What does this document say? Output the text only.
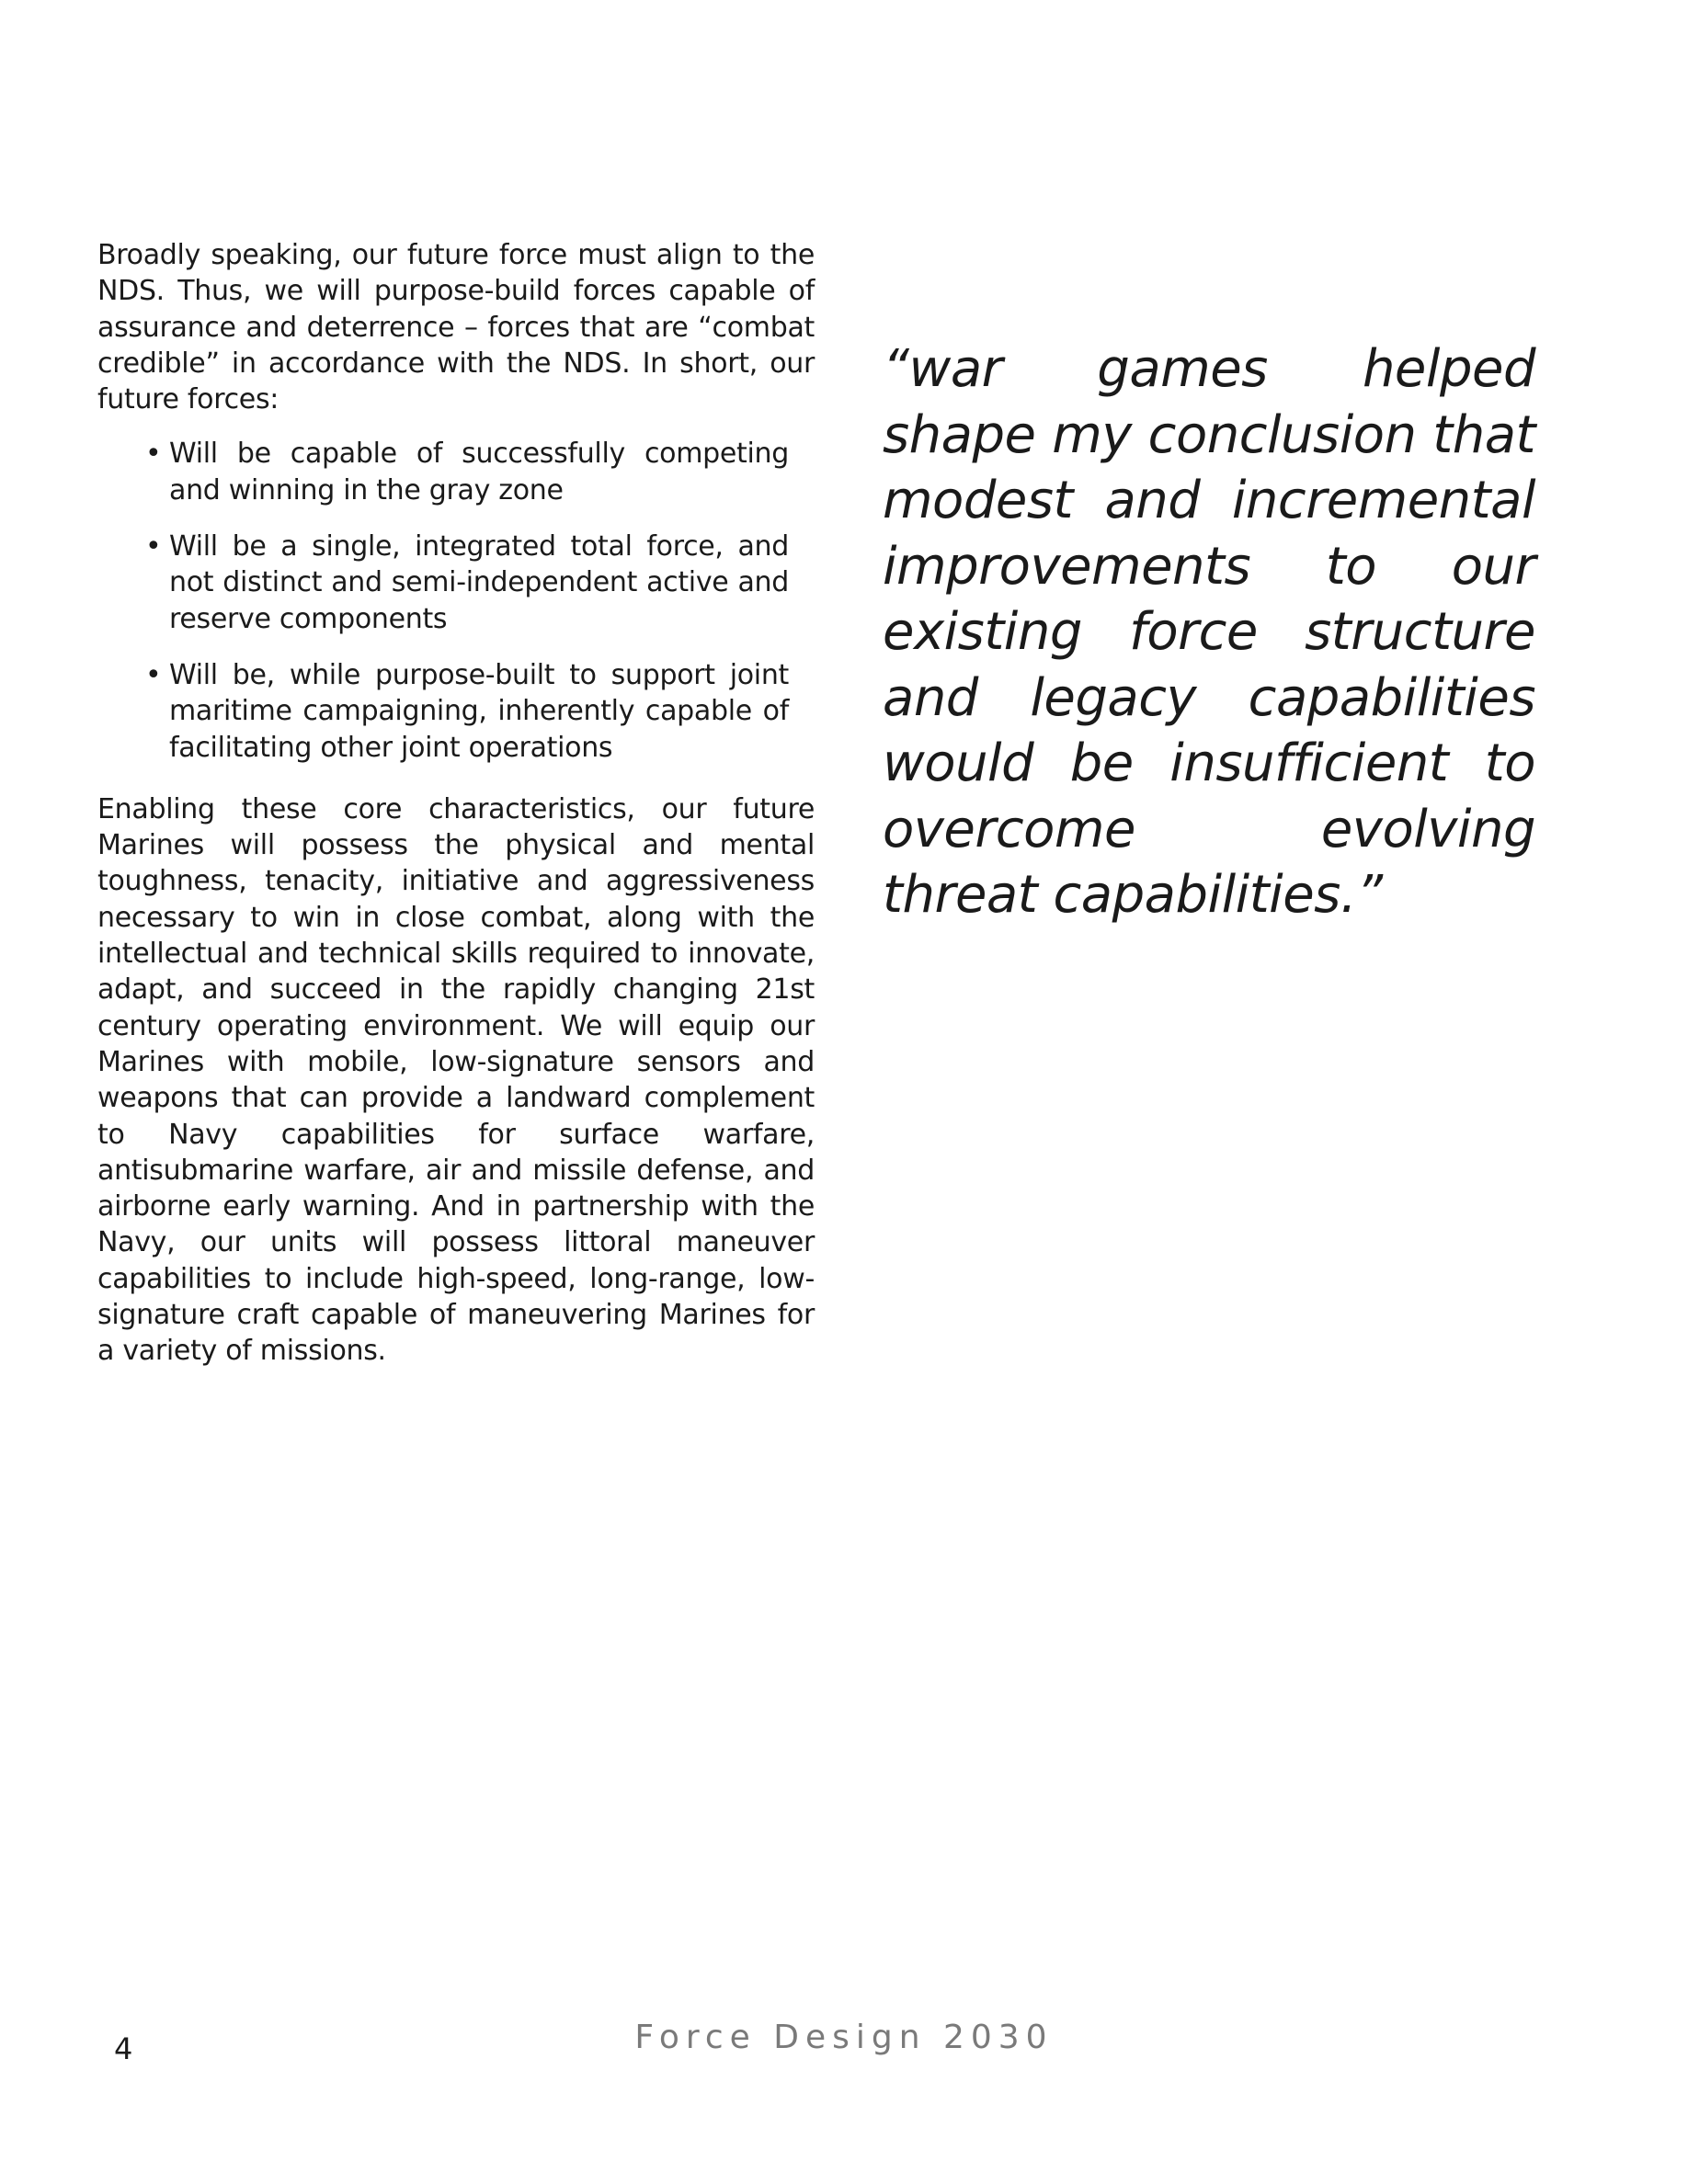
Broadly speaking, our future force must align to the NDS. Thus, we will purpose-build forces capable of assurance and deterrence – forces that are “combat credible” in accordance with the NDS. In short, our future forces:

• Will be capable of successfully competing and winning in the gray zone
• Will be a single, integrated total force, and not distinct and semi-independent active and reserve components
• Will be, while purpose-built to support joint maritime campaigning, inherently capable of facilitating other joint operations

Enabling these core characteristics, our future Marines will possess the physical and mental toughness, tenacity, initiative and aggressiveness necessary to win in close combat, along with the intellectual and technical skills required to innovate, adapt, and succeed in the rapidly changing 21st century operating environment. We will equip our Marines with mobile, low-signature sensors and weapons that can provide a landward complement to Navy capabilities for surface warfare, antisubmarine warfare, air and missile defense, and airborne early warning. And in partnership with the Navy, our units will possess littoral maneuver capabilities to include high-speed, long-range, low-signature craft capable of maneuvering Marines for a variety of missions.

“war games helped shape my conclusion that modest and incremental improvements to our existing force structure and legacy capabilities would be insufficient to overcome evolving threat capabilities.”
4	Force Design 2030
